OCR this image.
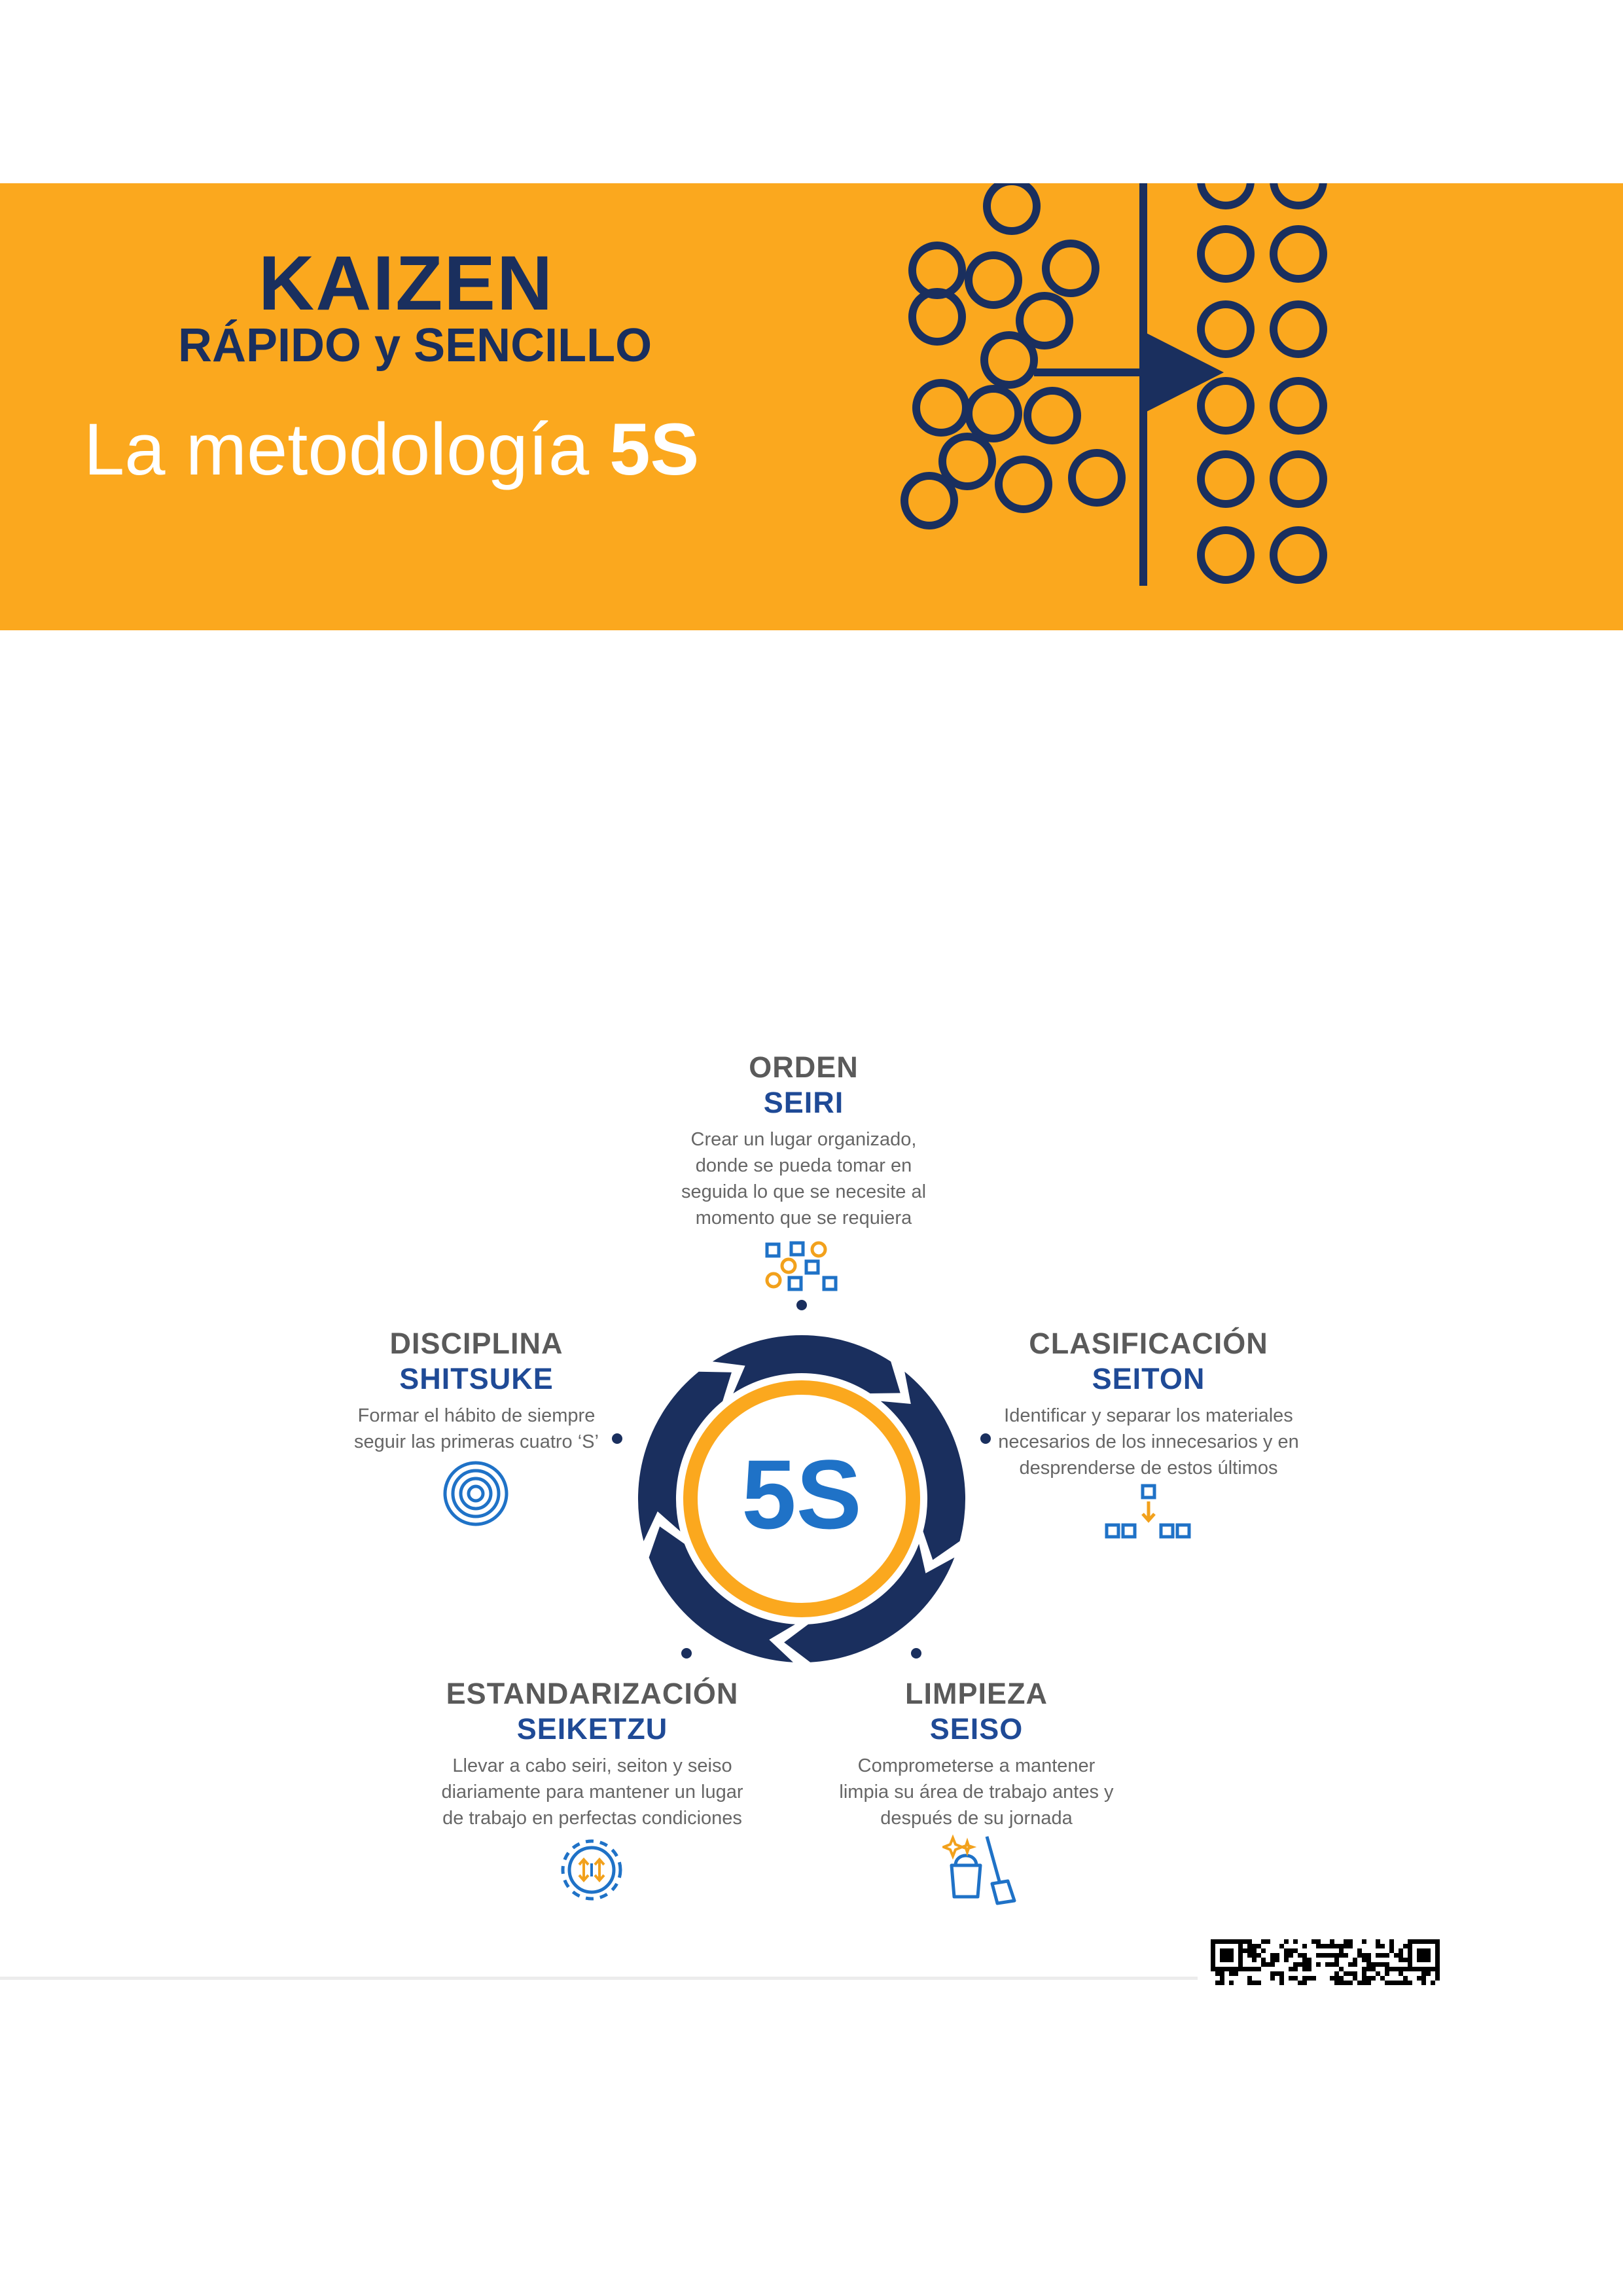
KAIZEN
RÁPIDO y SENCILLO
La metodología 5S
5S
ORDEN
SEIRI
Crear un lugar organizado, donde se pueda tomar en seguida lo que se necesite al momento que se requiera
CLASIFICACIÓN
SEITON
Identificar y separar los materiales necesarios de los innecesarios y en desprenderse de estos últimos
LIMPIEZA
SEISO
Comprometerse a mantener limpia su área de trabajo antes y después de su jornada
ESTANDARIZACIÓN
SEIKETZU
Llevar a cabo seiri, seiton y seiso diariamente para mantener un lugar de trabajo en perfectas condiciones
DISCIPLINA
SHITSUKE
Formar el hábito de siempre seguir las primeras cuatro ‘S’
